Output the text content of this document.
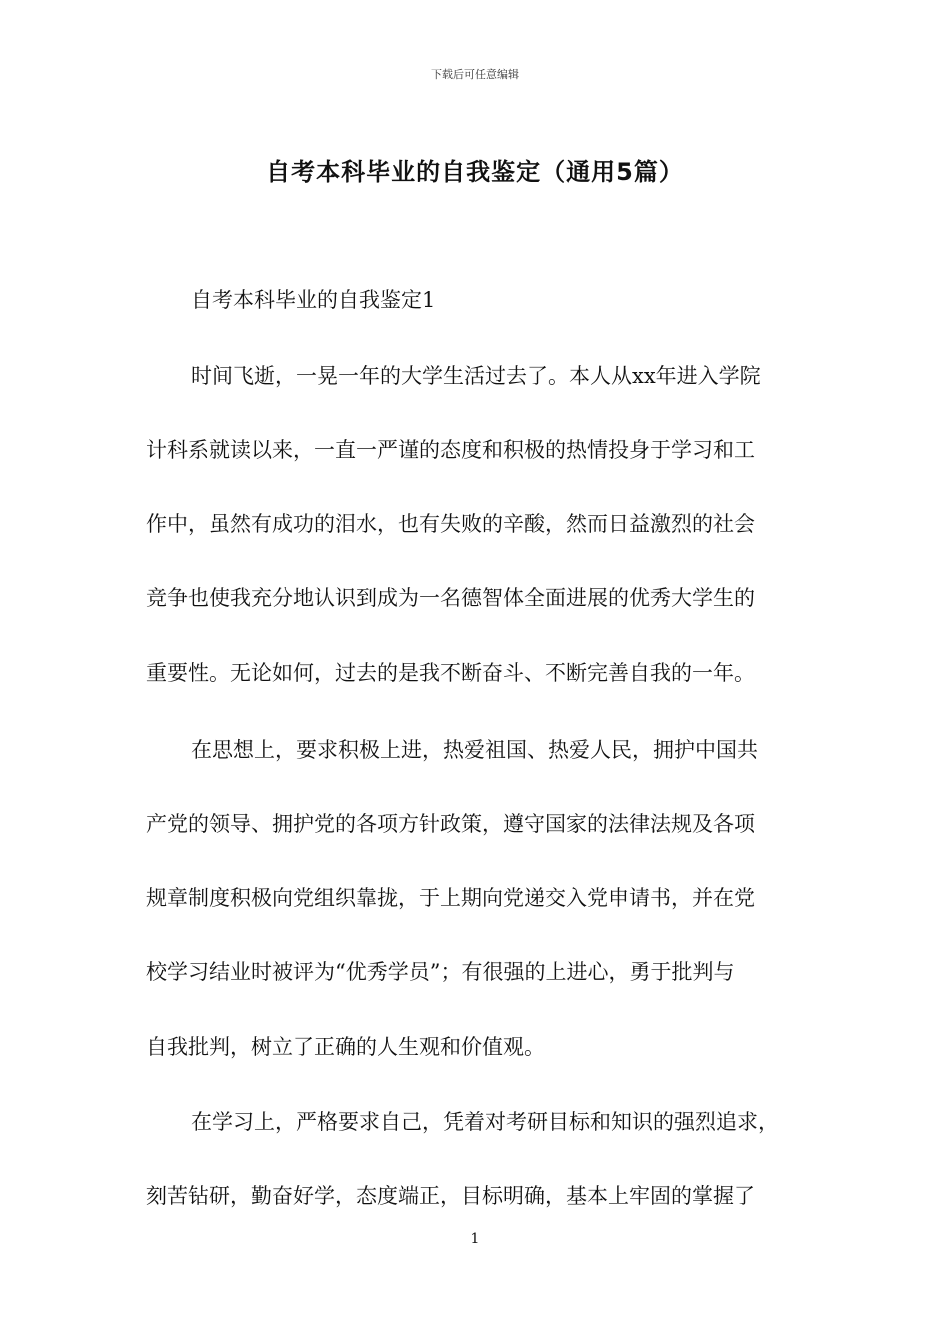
下载后可任意编辑
自考本科毕业的自我鉴定（通用5篇）
自考本科毕业的自我鉴定1
时间飞逝，一晃一年的大学生活过去了。本人从xx年进入学院
计科系就读以来，一直一严谨的态度和积极的热情投身于学习和工
作中，虽然有成功的泪水，也有失败的辛酸，然而日益激烈的社会
竞争也使我充分地认识到成为一名德智体全面进展的优秀大学生的
重要性。无论如何，过去的是我不断奋斗、不断完善自我的一年。
在思想上，要求积极上进，热爱祖国、热爱人民，拥护中国共
产党的领导、拥护党的各项方针政策，遵守国家的法律法规及各项
规章制度积极向党组织靠拢，于上期向党递交入党申请书，并在党
校学习结业时被评为“优秀学员”；有很强的上进心，勇于批判与
自我批判，树立了正确的人生观和价值观。
在学习上，严格要求自己，凭着对考研目标和知识的强烈追求，
刻苦钻研，勤奋好学，态度端正，目标明确，基本上牢固的掌握了
1
